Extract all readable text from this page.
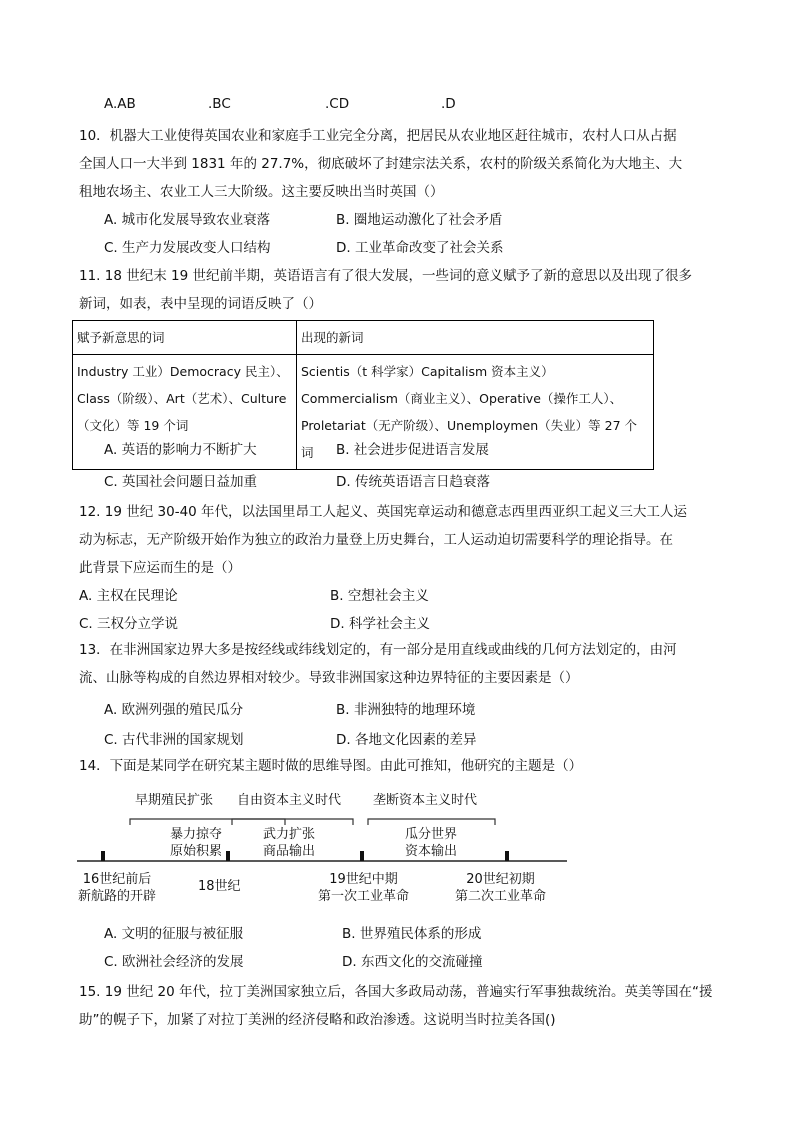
A.AB	.BC	.CD	.D
10．机器大工业使得英国农业和家庭手工业完全分离，把居民从农业地区赶往城市，农村人口从占据
全国人口一大半到 1831 年的 27.7%，彻底破坏了封建宗法关系，农村的阶级关系简化为大地主、大
租地农场主、农业工人三大阶级。这主要反映出当时英国（）
A. 城市化发展导致农业衰落	B. 圈地运动激化了社会矛盾
C. 生产力发展改变人口结构	D. 工业革命改变了社会关系
11. 18 世纪末 19 世纪前半期，英语语言有了很大发展，一些词的意义赋予了新的意思以及出现了很多
新词，如表，表中呈现的词语反映了（）
赋予新意思的词	出现的新词
Industry 工业）Democracy 民主）、Class（阶级）、Art（艺术）、Culture（文化）等 19 个词	Scientis（t 科学家）Capitalism 资本主义）Commercialism（商业主义）、Operative（操作工人）、Proletariat（无产阶级）、Unemploymen（失业）等 27 个词
A. 英语的影响力不断扩大	B. 社会进步促进语言发展
C. 英国社会问题日益加重	D. 传统英语语言日趋衰落
12. 19 世纪 30-40 年代，以法国里昂工人起义、英国宪章运动和德意志西里西亚织工起义三大工人运
动为标志，无产阶级开始作为独立的政治力量登上历史舞台，工人运动迫切需要科学的理论指导。在
此背景下应运而生的是（）
A. 主权在民理论	B. 空想社会主义
C. 三权分立学说	D. 科学社会主义
13．在非洲国家边界大多是按经线或纬线划定的，有一部分是用直线或曲线的几何方法划定的，由河
流、山脉等构成的自然边界相对较少。导致非洲国家这种边界特征的主要因素是（）
A. 欧洲列强的殖民瓜分	B. 非洲独特的地理环境
C. 古代非洲的国家规划	D. 各地文化因素的差异
14．下面是某同学在研究某主题时做的思维导图。由此可推知，他研究的主题是（）
早期殖民扩张 自由资本主义时代 垄断资本主义时代
暴力掠夺
原始积累
武力扩张
商品输出
瓜分世界
资本输出
16世纪前后
新航路的开辟
18世纪	19世纪中期
第一次工业革命
20世纪初期
第二次工业革命
A. 文明的征服与被征服	B. 世界殖民体系的形成
C. 欧洲社会经济的发展	D. 东西文化的交流碰撞
15. 19 世纪 20 年代，拉丁美洲国家独立后，各国大多政局动荡，普遍实行军事独裁统治。英美等国在“援
助”的幌子下，加紧了对拉丁美洲的经济侵略和政治渗透。这说明当时拉美各国()
